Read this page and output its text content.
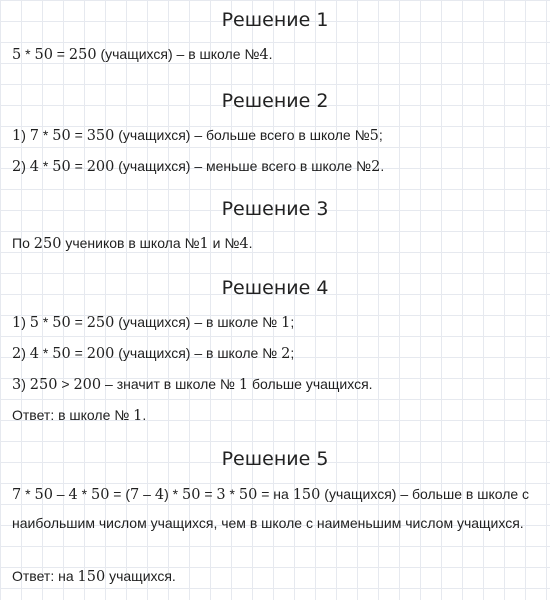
Решение 1

5 * 50 = 250 (учащихся) – в школе №4.

Решение 2

1) 7 * 50 = 350 (учащихся) – больше всего в школе №5;

2) 4 * 50 = 200 (учащихся) – меньше всего в школе №2.

Решение 3

По 250 учеников в школа №1 и №4.

Решение 4

1) 5 * 50 = 250 (учащихся) – в школе № 1;

2) 4 * 50 = 200 (учащихся) – в школе № 2;

3) 250 > 200 – значит в школе № 1 больше учащихся.

Ответ: в школе № 1.

Решение 5

7 * 50 – 4 * 50 = (7 – 4) * 50 = 3 * 50 = на 150 (учащихся) – больше в школе с наибольшим числом учащихся, чем в школе с наименьшим числом учащихся.

Ответ: на 150 учащихся.
